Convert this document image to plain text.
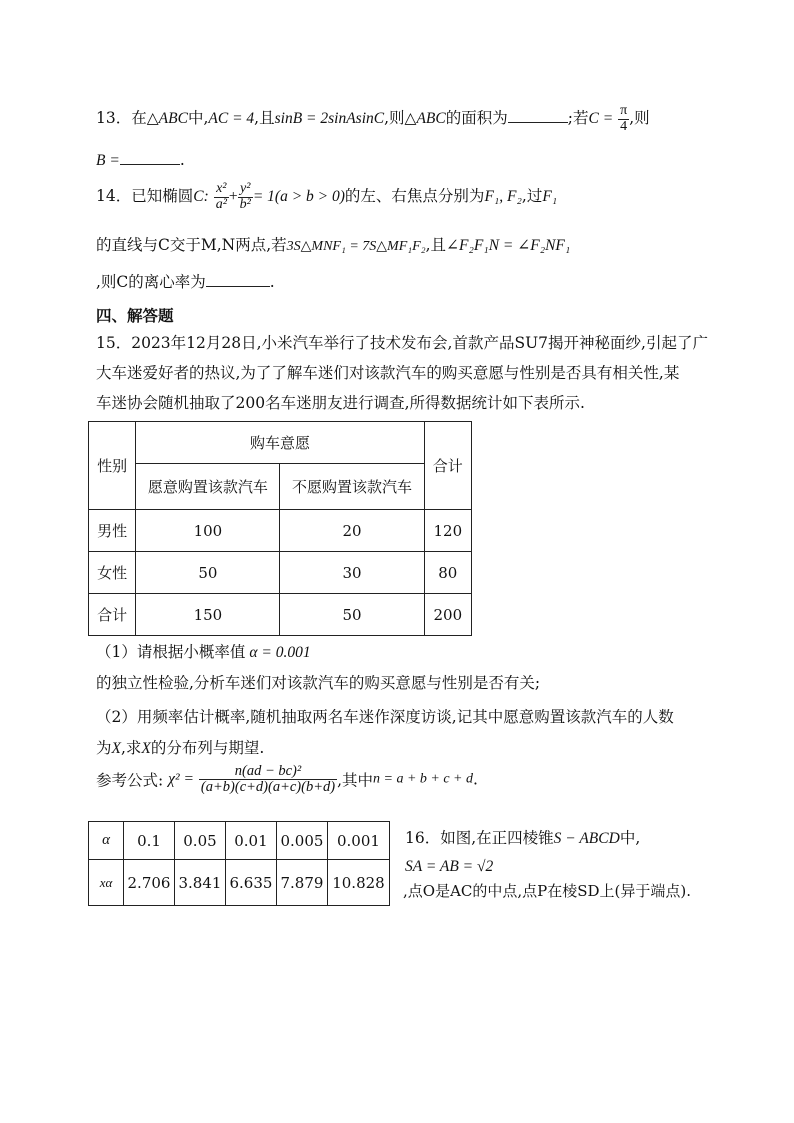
13．在△ABC中,AC = 4,且sinB = 2sinAsinC,则△ABC的面积为	;若$C = \frac{\pi}{4}$ ,则
B =	.
14．已知椭圆C: $\frac{\text{x²}}{\text{a²}} + \frac{\text{y²}}{\text{b²}} = 1(a > b > 0)$的左、右焦点分别为F₁, F₂,过F₁
的直线与C交于M,N两点,若3S△MNF₁ = 7S△MF₁F₂,且∠F₂F₁N = ∠F₂NF₁
,则C的离心率为	.
四、解答题
15．2023年12月28日,小米汽车举行了技术发布会,首款产品SU7揭开神秘面纱,引起了广
大车迷爱好者的热议,为了了解车迷们对该款汽车的购买意愿与性别是否具有相关性,某
车迷协会随机抽取了200名车迷朋友进行调查,所得数据统计如下表所示.
性别	购车意愿		合计
	愿意购置该款汽车	不愿购置该款汽车	
男性	100	20	120
女性	50	30	80
合计	150	50	200
（1）请根据小概率值 α = 0.001
的独立性检验,分析车迷们对该款汽车的购买意愿与性别是否有关;
（2）用频率估计概率,随机抽取两名车迷作深度访谈,记其中愿意购置该款汽车的人数
为X,求X的分布列与期望.
参考公式: $\chi^2 = \frac{\text{n(ad − bc)²}}{(a+b)(c+d)(a+c)(b+d)}$ ,其中n = a + b + c + d.
α	0.1	0.05	0.01	0.005	0.001
xα	2.706	3.841	6.635	7.879	10.828
16．如图,在正四棱锥S − ABCD中,
SA = AB = √2
,点O是AC的中点,点P在棱SD上(异于端点).
